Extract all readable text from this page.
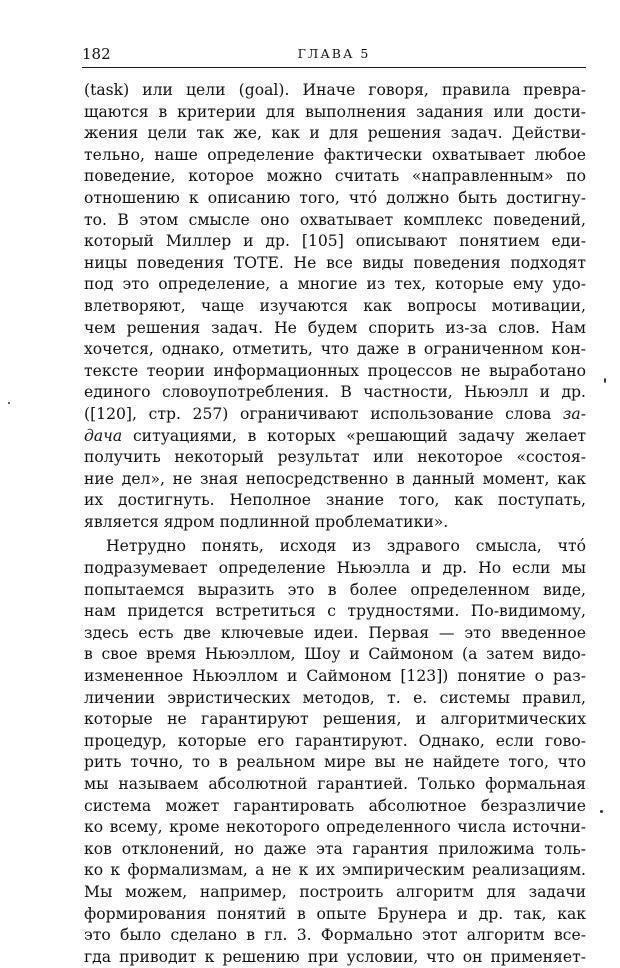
182	ГЛАВА 5
(task) или цели (goal). Иначе говоря, правила превра-
щаются в критерии для выполнения задания или дости-
жения цели так же, как и для решения задач. Действи-
тельно, наше определение фактически охватывает любое
поведение, которое можно считать «направленным» по
отношению к описанию того, что́ должно быть достигну-
то. В этом смысле оно охватывает комплекс поведений,
который Миллер и др. [105] описывают понятием еди-
ницы поведения ТОТЕ. Не все виды поведения подходят
под это определение, а многие из тех, которые ему удо-
влетворяют, чаще изучаются как вопросы мотивации,
чем решения задач. Не будем спорить из-за слов. Нам
хочется, однако, отметить, что даже в ограниченном кон-
тексте теории информационных процессов не выработано
единого словоупотребления. В частности, Ньюэлл и др.
([120], стр. 257) ограничивают использование слова за-
дача ситуациями, в которых «решающий задачу желает
получить некоторый результат или некоторое «состоя-
ние дел», не зная непосредственно в данный момент, как
их достигнуть. Неполное знание того, как поступать,
является ядром подлинной проблематики».
Нетрудно понять, исходя из здравого смысла, что́
подразумевает определение Ньюэлла и др. Но если мы
попытаемся выразить это в более определенном виде,
нам придется встретиться с трудностями. По-видимому,
здесь есть две ключевые идеи. Первая — это введенное
в свое время Ньюэллом, Шоу и Саймоном (а затем видо-
измененное Ньюэллом и Саймоном [123]) понятие о раз-
личении эвристических методов, т. е. системы правил,
которые не гарантируют решения, и алгоритмических
процедур, которые его гарантируют. Однако, если гово-
рить точно, то в реальном мире вы не найдете того, что
мы называем абсолютной гарантией. Только формальная
система может гарантировать абсолютное безразличие
ко всему, кроме некоторого определенного числа источни-
ков отклонений, но даже эта гарантия приложима толь-
ко к формализмам, а не к их эмпирическим реализациям.
Мы можем, например, построить алгоритм для задачи
формирования понятий в опыте Брунера и др. так, как
это было сделано в гл. 3. Формально этот алгоритм все-
гда приводит к решению при условии, что он применяет-
